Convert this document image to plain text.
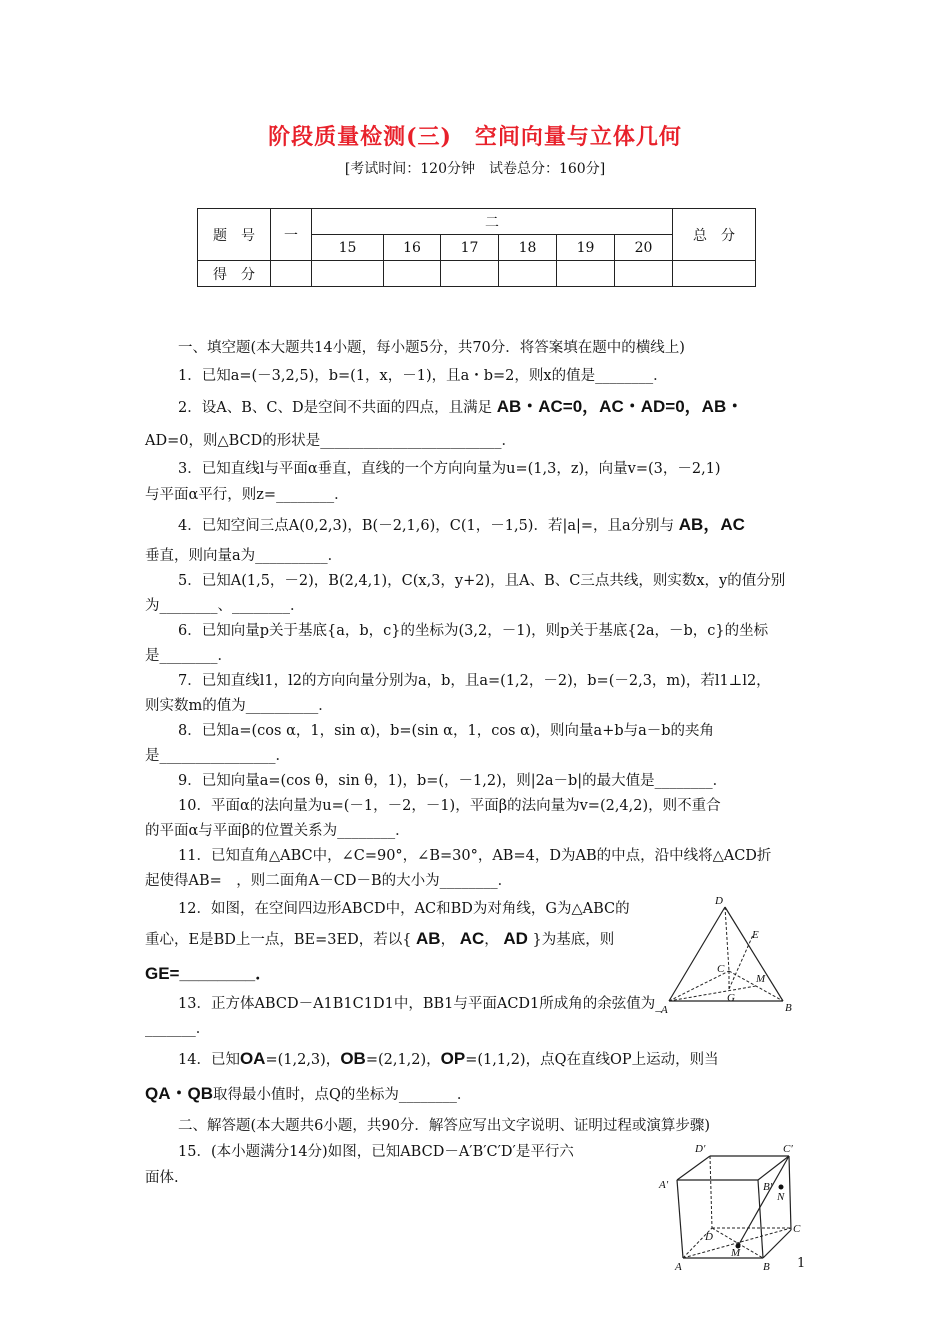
阶段质量检测(三)　空间向量与立体几何
[考试时间：120分钟　试卷总分：160分]
题　号	一	二						总　分
		15	16	17	18	19	20	
得　分								
一、填空题(本大题共14小题，每小题5分，共70分．将答案填在题中的横线上)
1．已知a=(－3,2,5)，b=(1，x，－1)，且a・b=2，则x的值是________．
2．设A、B、C、D是空间不共面的四点，且满足 AB・AC=0，AC・AD=0，AB・
AD=0，则△BCD的形状是_________________________．
3．已知直线l与平面α垂直，直线的一个方向向量为u=(1,3，z)，向量v=(3，－2,1)
与平面α平行，则z=________．
4．已知空间三点A(0,2,3)，B(－2,1,6)，C(1，－1,5)．若|a|=，且a分别与 AB，AC
垂直，则向量a为__________．
5．已知A(1,5，－2)，B(2,4,1)，C(x,3，y+2)，且A、B、C三点共线，则实数x，y的值分别
为________、________．
6．已知向量p关于基底{a，b，c}的坐标为(3,2，－1)，则p关于基底{2a，－b，c}的坐标
是________．
7．已知直线l1，l2的方向向量分别为a，b，且a=(1,2，－2)，b=(－2,3，m)，若l1⊥l2，
则实数m的值为__________．
8．已知a=(cos α，1，sin α)，b=(sin α，1，cos α)，则向量a+b与a－b的夹角
是________________．
9．已知向量a=(cos θ，sin θ，1)，b=(，－1,2)，则|2a－b|的最大值是________．
10．平面α的法向量为u=(－1，－2，－1)，平面β的法向量为v=(2,4,2)，则不重合
的平面α与平面β的位置关系为________．
11．已知直角△ABC中，∠C=90°，∠B=30°，AB=4，D为AB的中点，沿中线将△ACD折
起使得AB=　，则二面角A－CD－B的大小为________．
12．如图，在空间四边形ABCD中，AC和BD为对角线，G为△ABC的
重心，E是BD上一点，BE=3ED，若以{ AB， AC， AD }为基底，则
GE=________．
13．正方体ABCD－A1B1C1D1中，BB1与平面ACD1所成角的余弦值为_
_______．
14．已知OA=(1,2,3)，OB=(2,1,2)，OP=(1,1,2)，点Q在直线OP上运动，则当
QA・QB取得最小值时，点Q的坐标为________．
二、解答题(本大题共6小题，共90分．解答应写出文字说明、证明过程或演算步骤)
15．(本小题满分14分)如图，已知ABCD－A′B′C′D′是平行六
面体.
D
E
C
M
G
A	B
D′	C′
A′	B′
N
D
C
M
A	B 1
